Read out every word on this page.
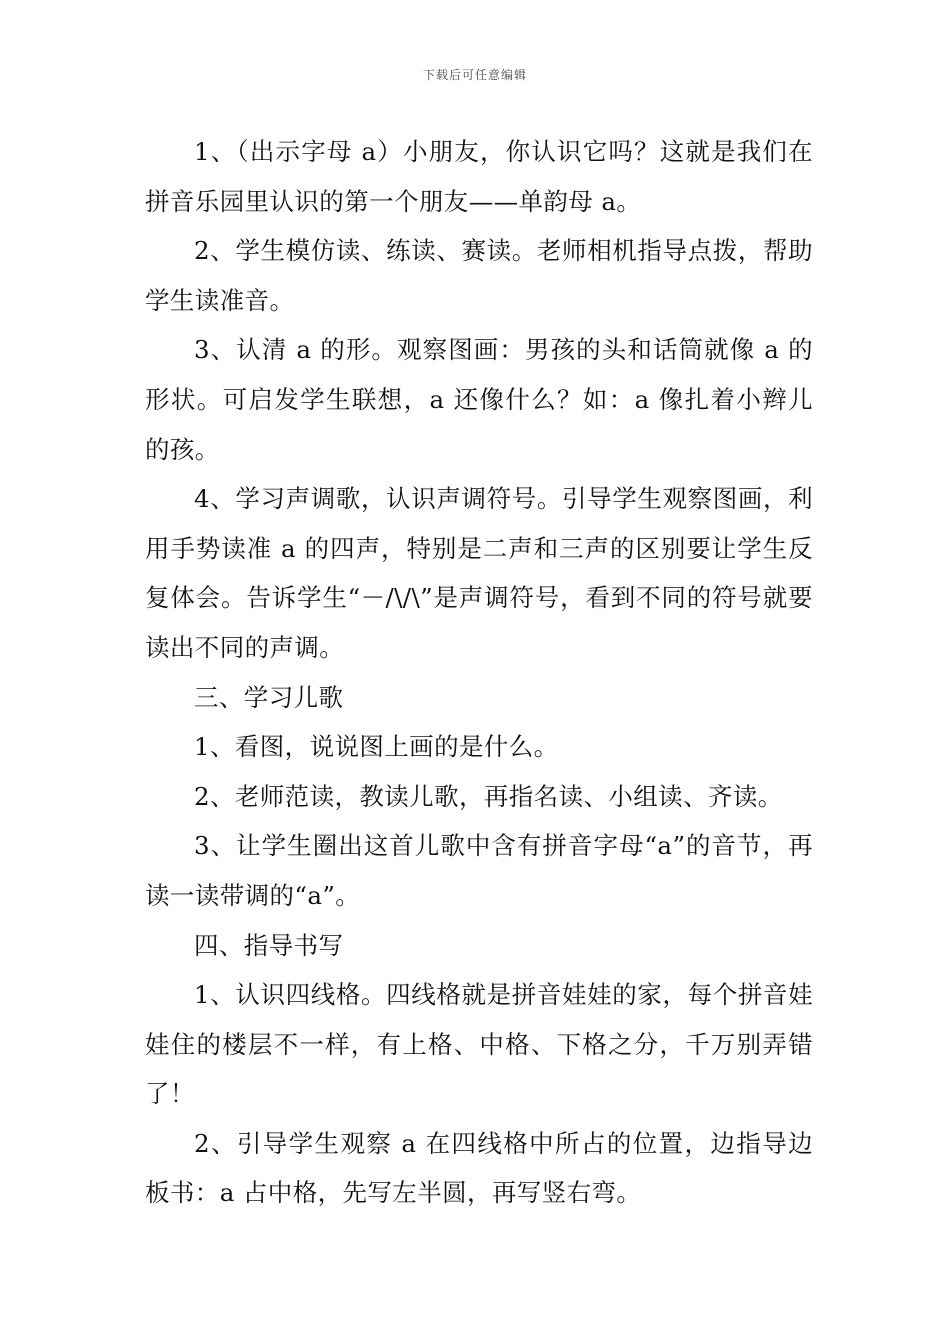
下载后可任意编辑

1、（出示字母 a）小朋友，你认识它吗？这就是我们在拼音乐园里认识的第一个朋友——单韵母 a。

2、学生模仿读、练读、赛读。老师相机指导点拨，帮助学生读准音。

3、认清 a 的形。观察图画：男孩的头和话筒就像 a 的形状。可启发学生联想，a 还像什么？如：a 像扎着小辫儿的孩。

4、学习声调歌，认识声调符号。引导学生观察图画，利用手势读准 a 的四声，特别是二声和三声的区别要让学生反复体会。告诉学生“－/\/\”是声调符号，看到不同的符号就要读出不同的声调。

三、学习儿歌

1、看图，说说图上画的是什么。

2、老师范读，教读儿歌，再指名读、小组读、齐读。

3、让学生圈出这首儿歌中含有拼音字母“a”的音节，再读一读带调的“a”。

四、指导书写

1、认识四线格。四线格就是拼音娃娃的家，每个拼音娃娃住的楼层不一样，有上格、中格、下格之分，千万别弄错了！

2、引导学生观察 a 在四线格中所占的位置，边指导边板书：a 占中格，先写左半圆，再写竖右弯。
